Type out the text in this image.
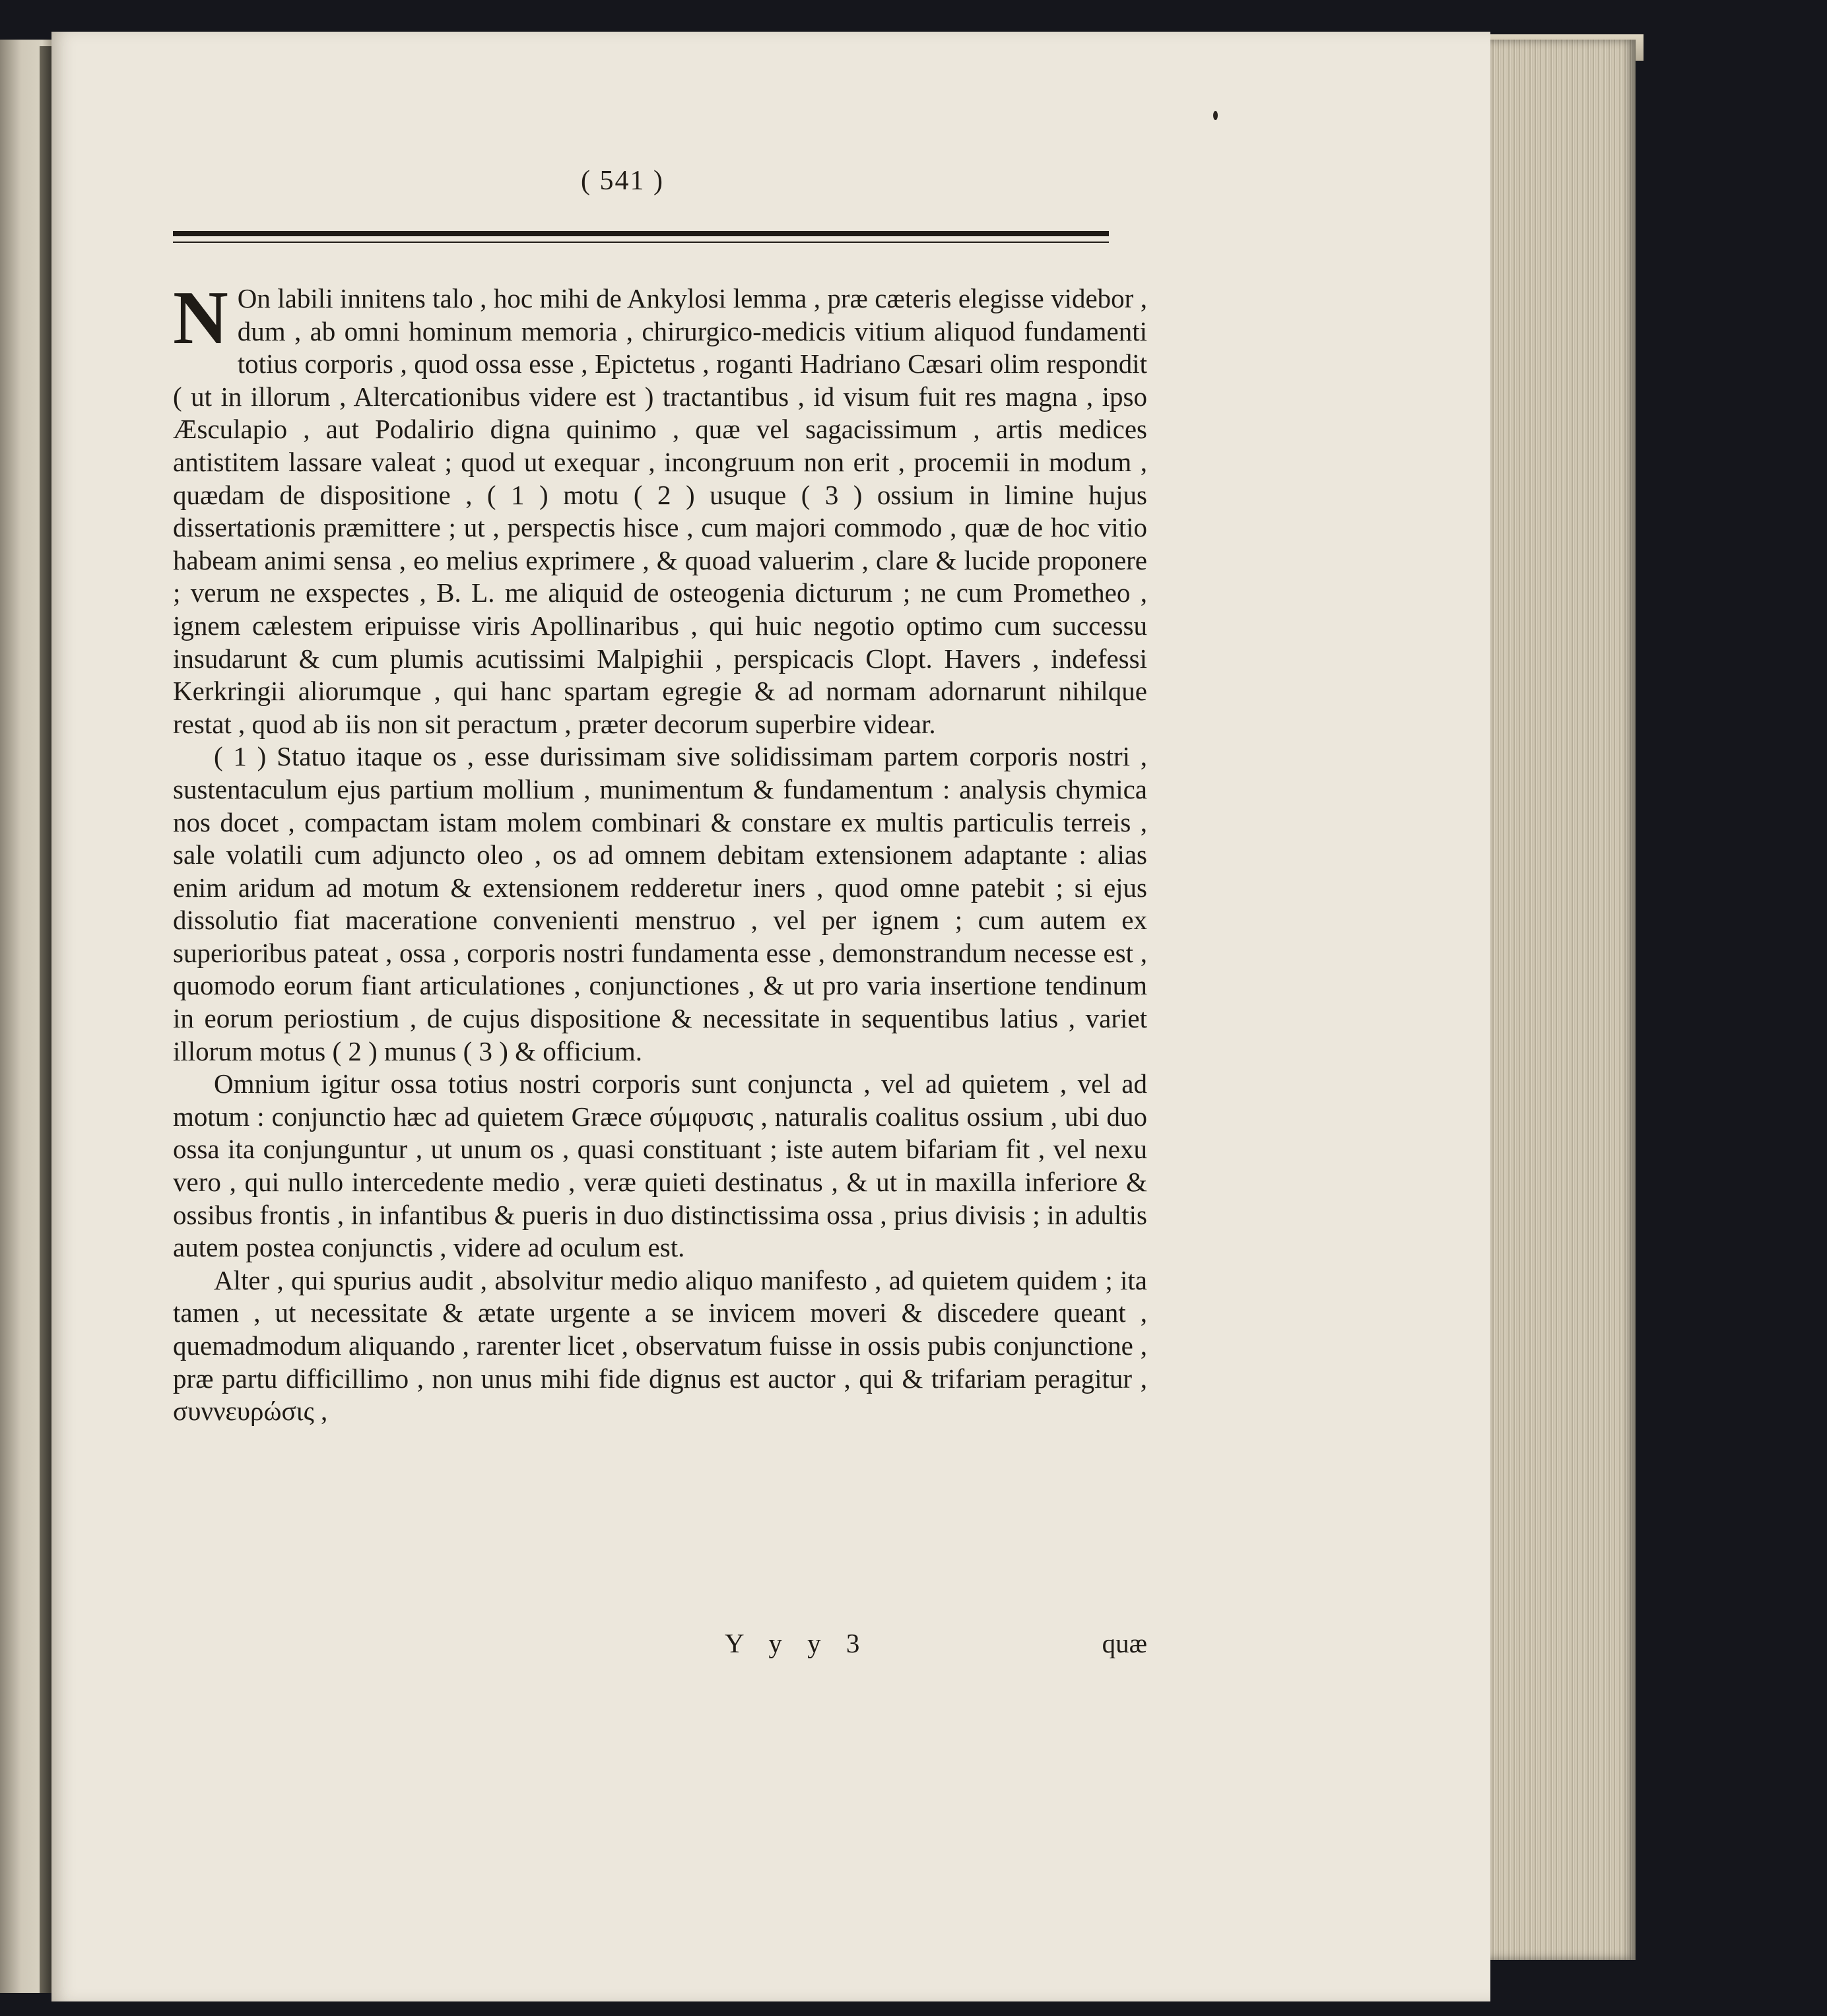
( 541 )

N On labili innitens talo , hoc mihi de Ankylosi lemma , præ cæteris elegisse videbor , dum , ab omni hominum memoria , chirurgico-medicis vitium aliquod fundamenti totius corporis , quod ossa esse , Epictetus , roganti Hadriano Cæsari olim respondit ( ut in illorum , Altercationibus videre est ) tractantibus , id visum fuit res magna , ipso Æsculapio , aut Podalirio digna quinimo , quæ vel sagacissimum , artis medices antistitem lassare valeat ; quod ut exequar , incongruum non erit , procemii in modum , quædam de dispositione , ( 1 ) motu ( 2 ) usuque ( 3 ) ossium in limine hujus dissertationis præmittere ; ut , perspectis hisce , cum majori commodo , quæ de hoc vitio habeam animi sensa , eo melius exprimere , & quoad valuerim , clare & lucide proponere ; verum ne exspectes , B. L. me aliquid de osteogenia dicturum ; ne cum Prometheo , ignem cælestem eripuisse viris Apollinaribus , qui huic negotio optimo cum successu insudarunt & cum plumis acutissimi Malpighii , perspicacis Clopt. Havers , indefessi Kerkringii aliorumque , qui hanc spartam egregie & ad normam adornarunt nihilque restat , quod ab iis non sit peractum , præter decorum superbire videar.

( 1 ) Statuo itaque os , esse durissimam sive solidissimam partem corporis nostri , sustentaculum ejus partium mollium , munimentum & fundamentum : analysis chymica nos docet , compactam istam molem combinari & constare ex multis particulis terreis , sale volatili cum adjuncto oleo , os ad omnem debitam extensionem adaptante : alias enim aridum ad motum & extensionem redderetur iners , quod omne patebit ; si ejus dissolutio fiat maceratione convenienti menstruo , vel per ignem ; cum autem ex superioribus pateat , ossa , corporis nostri fundamenta esse , demonstrandum necesse est , quomodo eorum fiant articulationes , conjunctiones , & ut pro varia insertione tendinum in eorum periostium , de cujus dispositione & necessitate in sequentibus latius , variet illorum motus ( 2 ) munus ( 3 ) & officium.

Omnium igitur ossa totius nostri corporis sunt conjuncta , vel ad quietem , vel ad motum : conjunctio hæc ad quietem Græce σύμφυσις , naturalis coalitus ossium , ubi duo ossa ita conjunguntur , ut unum os , quasi constituant ; iste autem bifariam fit , vel nexu vero , qui nullo intercedente medio , veræ quieti destinatus , & ut in maxilla inferiore & ossibus frontis , in infantibus & pueris in duo distinctissima ossa , prius divisis ; in adultis autem postea conjunctis , videre ad oculum est.

Alter , qui spurius audit , absolvitur medio aliquo manifesto , ad quietem quidem ; ita tamen , ut necessitate & ætate urgente a se invicem moveri & discedere queant , quemadmodum aliquando , rarenter licet , observatum fuisse in ossis pubis conjunctione , præ partu difficillimo , non unus mihi fide dignus est auctor , qui & trifariam peragitur , συννευρώσις ,

Y y y 3	quæ
